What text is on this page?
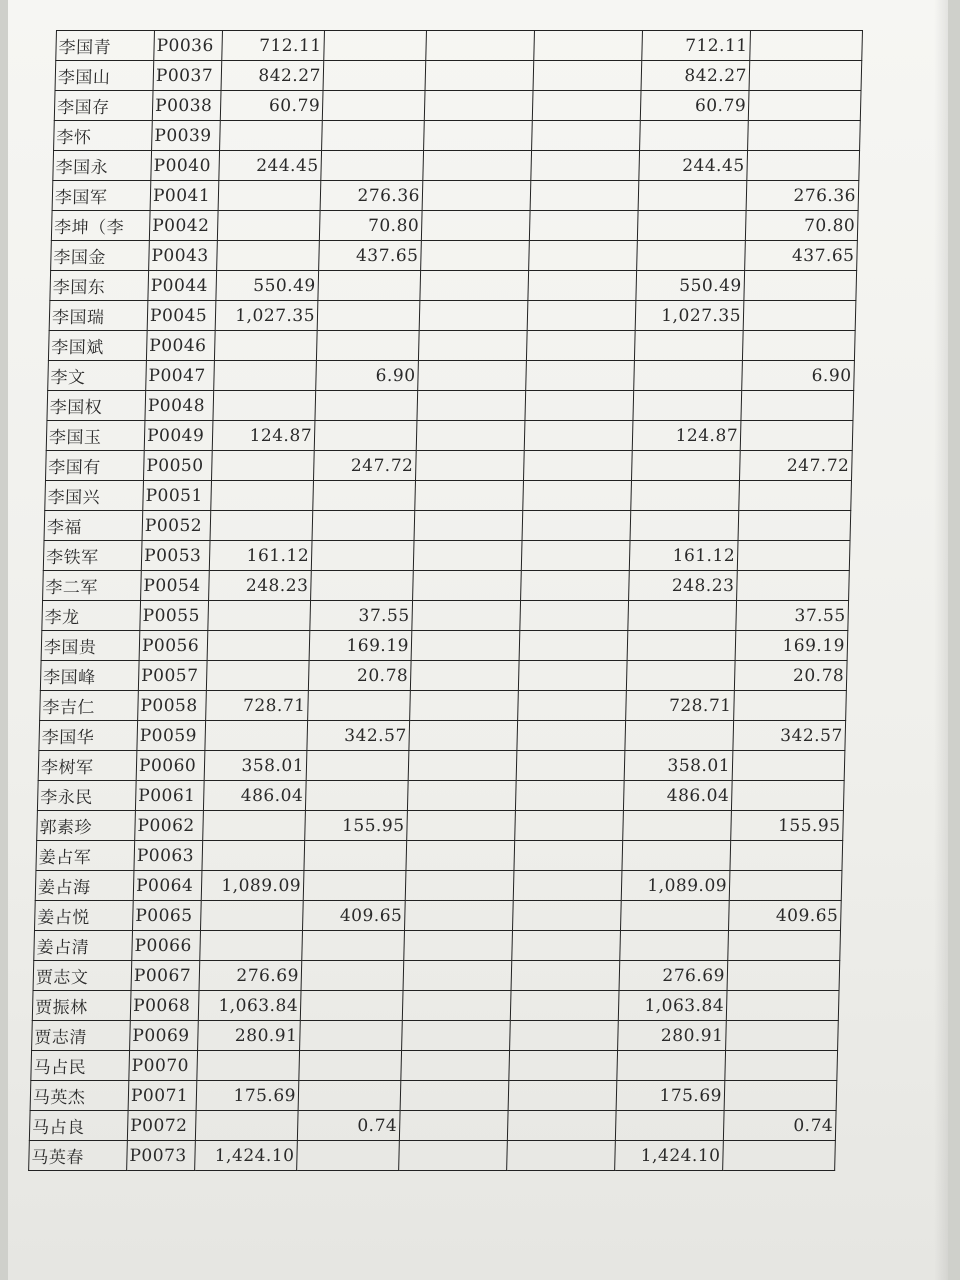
李国青	P0036	712.11				712.11	
李国山	P0037	842.27				842.27	
李国存	P0038	60.79				60.79	
李怀	P0039						
李国永	P0040	244.45				244.45	
李国军	P0041		276.36				276.36
李坤（李	P0042		70.80				70.80
李国金	P0043		437.65				437.65
李国东	P0044	550.49				550.49	
李国瑞	P0045	1,027.35				1,027.35	
李国斌	P0046						
李文	P0047		6.90				6.90
李国权	P0048						
李国玉	P0049	124.87				124.87	
李国有	P0050		247.72				247.72
李国兴	P0051						
李福	P0052						
李铁军	P0053	161.12				161.12	
李二军	P0054	248.23				248.23	
李龙	P0055		37.55				37.55
李国贵	P0056		169.19				169.19
李国峰	P0057		20.78				20.78
李吉仁	P0058	728.71				728.71	
李国华	P0059		342.57				342.57
李树军	P0060	358.01				358.01	
李永民	P0061	486.04				486.04	
郭素珍	P0062		155.95				155.95
姜占军	P0063						
姜占海	P0064	1,089.09				1,089.09	
姜占悦	P0065		409.65				409.65
姜占清	P0066						
贾志文	P0067	276.69				276.69	
贾振林	P0068	1,063.84				1,063.84	
贾志清	P0069	280.91				280.91	
马占民	P0070						
马英杰	P0071	175.69				175.69	
马占良	P0072		0.74				0.74
马英春	P0073	1,424.10				1,424.10	
